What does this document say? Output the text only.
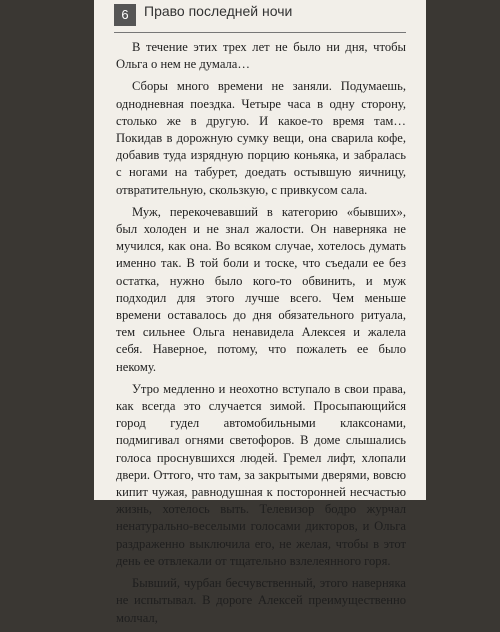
6	Право последней ночи

В течение этих трех лет не было ни дня, чтобы Ольга о нем не думала…

Сборы много времени не заняли. Подумаешь, однодневная поездка. Четыре часа в одну сторону, столько же в другую. И какое-то время там… Покидав в дорожную сумку вещи, она сварила кофе, добавив туда изрядную порцию коньяка, и забралась с ногами на табурет, доедать остывшую яичницу, отвратительную, скользкую, с привкусом сала.

Муж, перекочевавший в категорию «бывших», был холоден и не знал жалости. Он наверняка не мучился, как она. Во всяком случае, хотелось думать именно так. В той боли и тоске, что съедали ее без остатка, нужно было кого-то обвинить, и муж подходил для этого лучше всего. Чем меньше времени оставалось до дня обязательного ритуала, тем сильнее Ольга ненавидела Алексея и жалела себя. Наверное, потому, что пожалеть ее было некому.

Утро медленно и неохотно вступало в свои права, как всегда это случается зимой. Просыпающийся город гудел автомобильными клаксонами, подмигивал огнями светофоров. В доме слышались голоса проснувшихся людей. Гремел лифт, хлопали двери. Оттого, что там, за закрытыми дверями, вовсю кипит чужая, равнодушная к посторонней несчастью жизнь, хотелось выть. Телевизор бодро журчал ненатурально-веселыми голосами дикторов, и Ольга раздраженно выключила его, не желая, чтобы в этот день ее отвлекали от тщательно взлелеянного горя.

Бывший, чурбан бесчувственный, этого наверняка не испытывал. В дороге Алексей преимущественно молчал,
